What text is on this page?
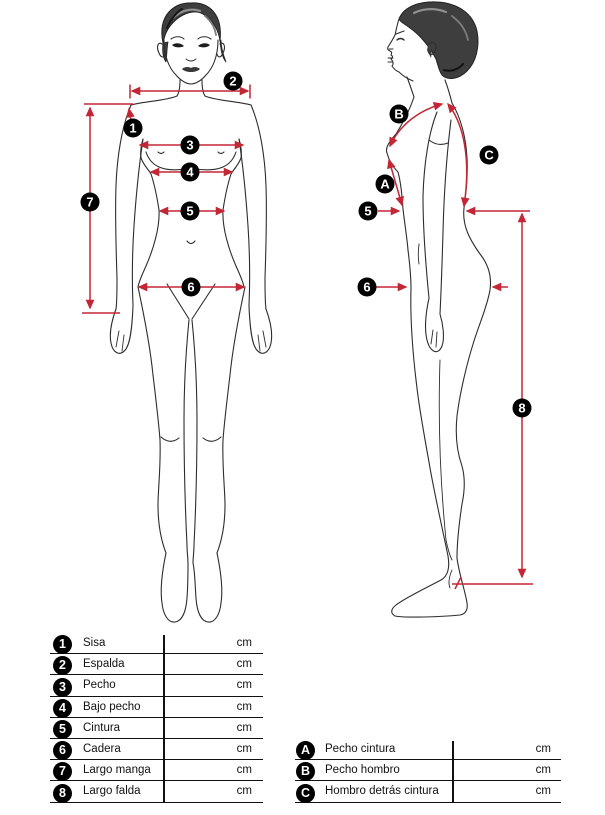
1
2
3
4
5
6
7
B
C
A
5
6
8
1	Sisa	cm
2	Espalda	cm
3	Pecho	cm
4	Bajo pecho	cm
5	Cintura	cm
6	Cadera	cm
7	Largo manga	cm
8	Largo falda	cm
A	Pecho cintura	cm
B	Pecho hombro	cm
C	Hombro detrás cintura	cm
